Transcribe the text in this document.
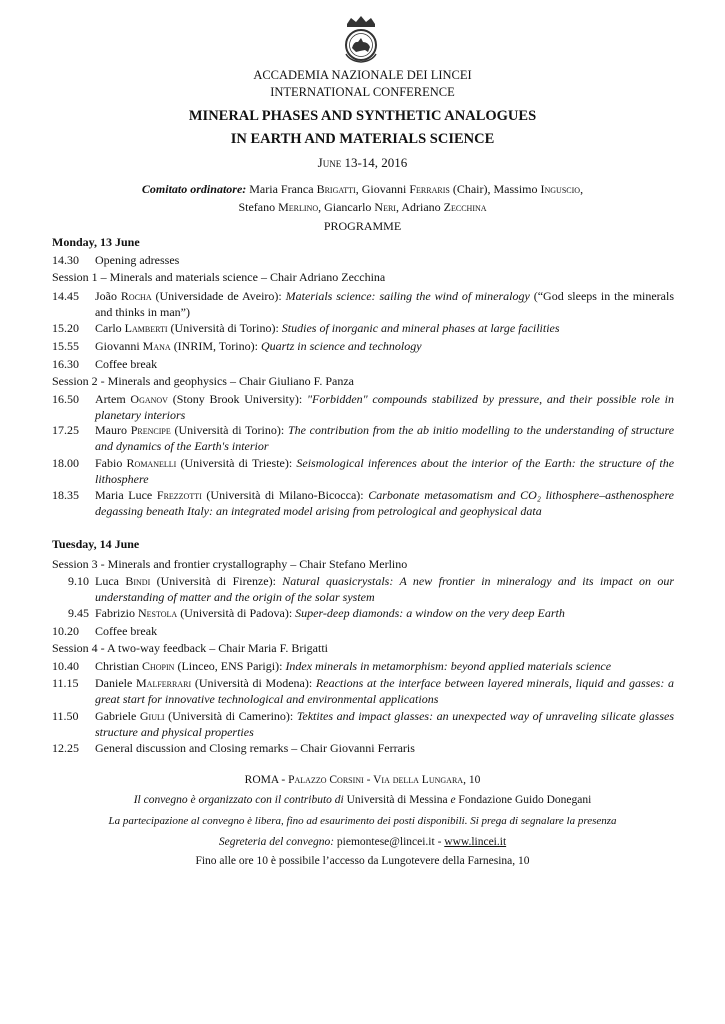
ACCADEMIA NAZIONALE DEI LINCEI
INTERNATIONAL CONFERENCE
MINERAL PHASES AND SYNTHETIC ANALOGUES
IN EARTH AND MATERIALS SCIENCE
June 13-14, 2016
Comitato ordinatore: Maria Franca Brigatti, Giovanni Ferraris (Chair), Massimo Inguscio,
Stefano Merlino, Giancarlo Neri, Adriano Zecchina
PROGRAMME
Monday, 13 June
14.30	Opening adresses
Session 1 – Minerals and materials science – Chair Adriano Zecchina
14.45	João Rocha (Universidade de Aveiro): Materials science: sailing the wind of mineralogy (“God sleeps in the minerals and thinks in man”)
15.20	Carlo Lamberti (Università di Torino): Studies of inorganic and mineral phases at large facilities
15.55	Giovanni Mana (INRIM, Torino): Quartz in science and technology
16.30	Coffee break
Session 2 - Minerals and geophysics – Chair Giuliano F. Panza
16.50	Artem Oganov (Stony Brook University): "Forbidden" compounds stabilized by pressure, and their possible role in planetary interiors
17.25	Mauro Prencipe (Università di Torino): The contribution from the ab initio modelling to the understanding of structure and dynamics of the Earth's interior
18.00	Fabio Romanelli (Università di Trieste): Seismological inferences about the interior of the Earth: the structure of the lithosphere
18.35	Maria Luce Frezzotti (Università di Milano-Bicocca): Carbonate metasomatism and CO₂ lithosphere–asthenosphere degassing beneath Italy: an integrated model arising from petrological and geophysical data
Tuesday, 14 June
Session 3 - Minerals and frontier crystallography – Chair Stefano Merlino
9.10 Luca Bindi (Università di Firenze): Natural quasicrystals: A new frontier in mineralogy and its impact on our understanding of matter and the origin of the solar system
9.45 Fabrizio Nestola (Università di Padova): Super-deep diamonds: a window on the very deep Earth
10.20	Coffee break
Session 4 - A two-way feedback – Chair Maria F. Brigatti
10.40	Christian Chopin (Linceo, ENS Parigi): Index minerals in metamorphism: beyond applied materials science
11.15	Daniele Malferrari (Università di Modena): Reactions at the interface between layered minerals, liquid and gasses: a great start for innovative technological and environmental applications
11.50	Gabriele Giuli (Università di Camerino): Tektites and impact glasses: an unexpected way of unraveling silicate glasses structure and physical properties
12.25	General discussion and Closing remarks – Chair Giovanni Ferraris
ROMA - Palazzo Corsini - Via della Lungara, 10
Il convegno è organizzato con il contributo di Università di Messina e Fondazione Guido Donegani
La partecipazione al convegno è libera, fino ad esaurimento dei posti disponibili. Si prega di segnalare la presenza
Segreteria del convegno: piemontese@lincei.it - www.lincei.it
Fino alle ore 10 è possibile l’accesso da Lungotevere della Farnesina, 10
